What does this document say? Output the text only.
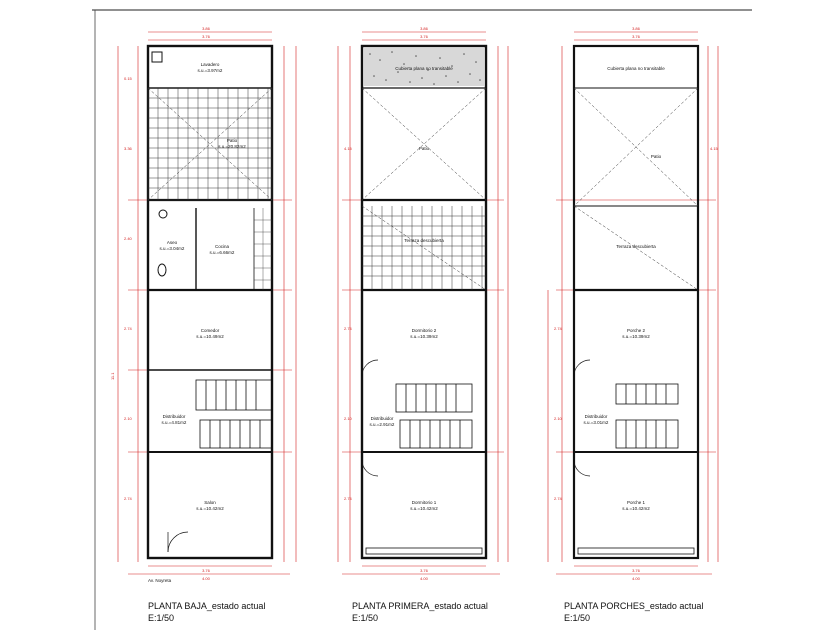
3.86
3.76
3.76
0.15
3.36
2.40
2.74
2.10
2.74
11.1
Lavadero
s.u.=3.97m2
Patio
s.u.=20.82m2
Aseo
s.u.=3.04m2	Cocina
s.u.=6.66m2
Comedor
s.u.=10.49m2
Distribuidor
s.u.=4.81m2
Salon
s.u.=10.42m2
Av. Noyreta	4.00
3.86
3.76
3.76
4.15
2.74
2.10
2.74
Cubierta plana no transitable
Patio
Terraza descubierta
Dormitorio 2
s.u.=10.39m2
Distribuidor
s.u.=2.91m2
Dormitorio 1
s.u.=10.42m2
4.00
3.86
3.76
3.76
4.15
2.74
2.10
2.74
Cubierta plana no transitable
Patio
Terraza descubierta
Porche 2
s.u.=10.39m2
Distribuidor
s.u.=3.01m2
Porche 1
s.u.=10.42m2
4.00
PLANTA BAJA_estado actual
E:1/50
PLANTA PRIMERA_estado actual
E:1/50
PLANTA PORCHES_estado actual
E:1/50
